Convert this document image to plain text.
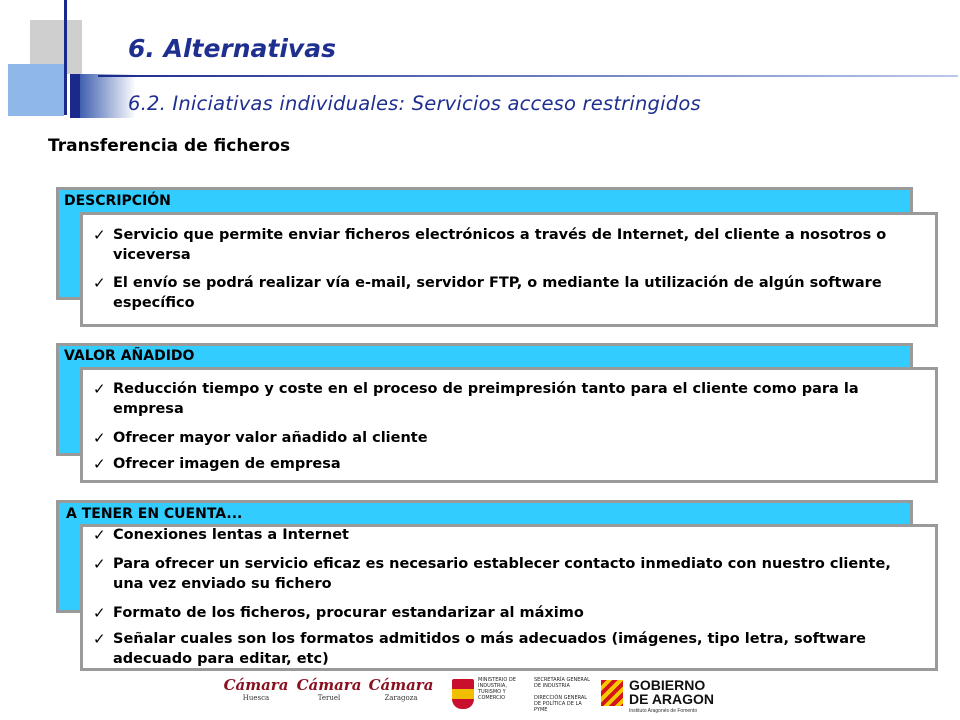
6. Alternativas
6.2. Iniciativas individuales: Servicios acceso restringidos
Transferencia de ficheros
DESCRIPCIÓN
✓ Servicio que permite enviar ficheros electrónicos a través de Internet, del cliente a nosotros o viceversa
✓ El envío se podrá realizar vía e-mail, servidor FTP, o mediante la utilización de algún software específico
VALOR AÑADIDO
✓ Reducción tiempo y coste en el proceso de preimpresión tanto para el cliente como para la empresa
✓ Ofrecer mayor valor añadido al cliente
✓ Ofrecer imagen de empresa
A TENER EN CUENTA...
✓ Conexiones lentas a Internet
✓ Para ofrecer un servicio eficaz es necesario establecer contacto inmediato con nuestro cliente, una vez enviado su fichero
✓ Formato de los ficheros, procurar estandarizar al máximo
✓ Señalar cuales son los formatos admitidos o más adecuados (imágenes, tipo letra, software adecuado para editar, etc)
Cámara
Huesca
Cámara
Teruel
Cámara
Zaragoza
MINISTERIO DE INDUSTRIA, TURISMO Y COMERCIO
SECRETARÍA GENERAL DE INDUSTRIA
DIRECCIÓN GENERAL DE POLÍTICA DE LA PYME
GOBIERNO
DE ARAGON
Instituto Aragonés de Fomento
